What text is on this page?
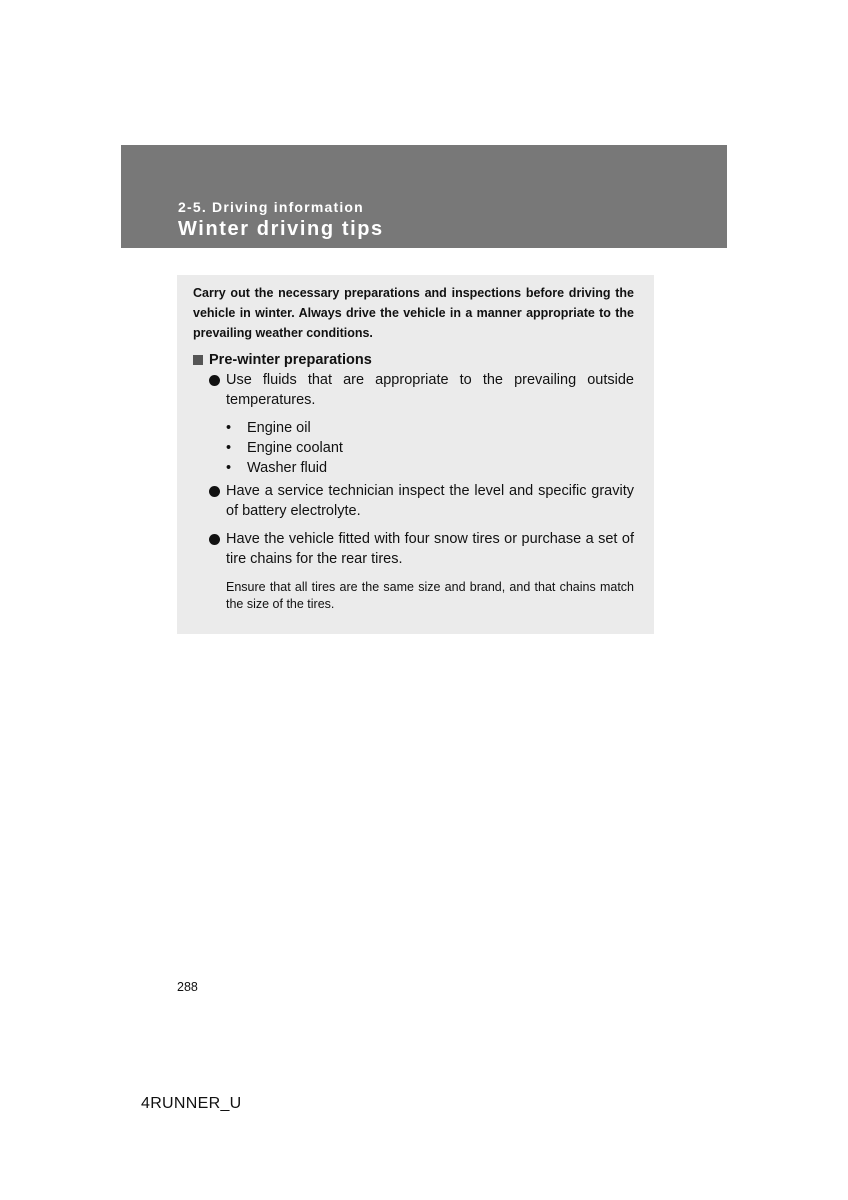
2-5. Driving information
Winter driving tips

Carry out the necessary preparations and inspections before driving the vehicle in winter. Always drive the vehicle in a manner appropriate to the prevailing weather conditions.

Pre-winter preparations

Use fluids that are appropriate to the prevailing outside temperatures.

• Engine oil
• Engine coolant
• Washer fluid

Have a service technician inspect the level and specific gravity of battery electrolyte.

Have the vehicle fitted with four snow tires or purchase a set of tire chains for the rear tires.

Ensure that all tires are the same size and brand, and that chains match the size of the tires.

288
4RUNNER_U
